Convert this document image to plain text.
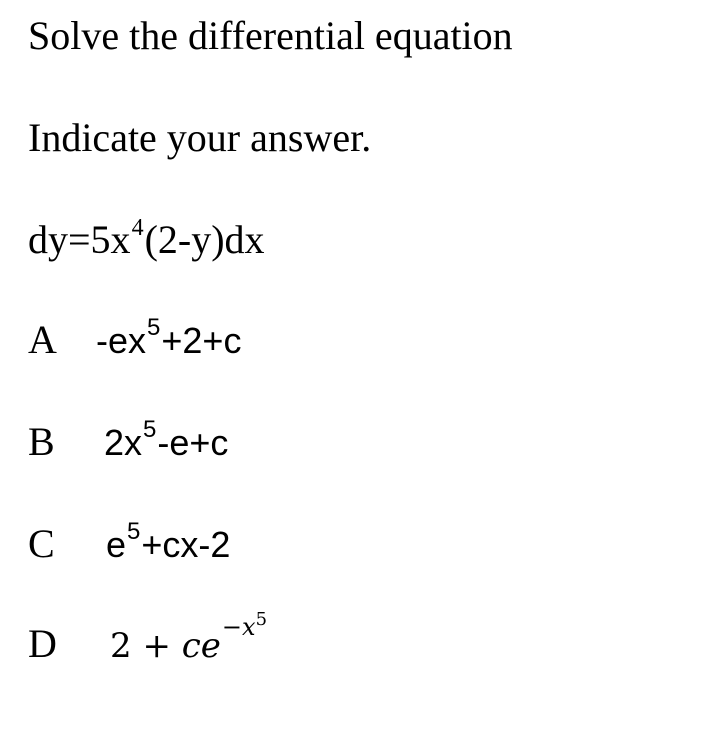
Solve the differential equation
Indicate your answer.
$dy=5x^4(2-y)dx$
A $-ex^5+2+c$
B $2x^5-e+c$
C $e^5+cx-2$
D $2 + ce^{-x^5}$
